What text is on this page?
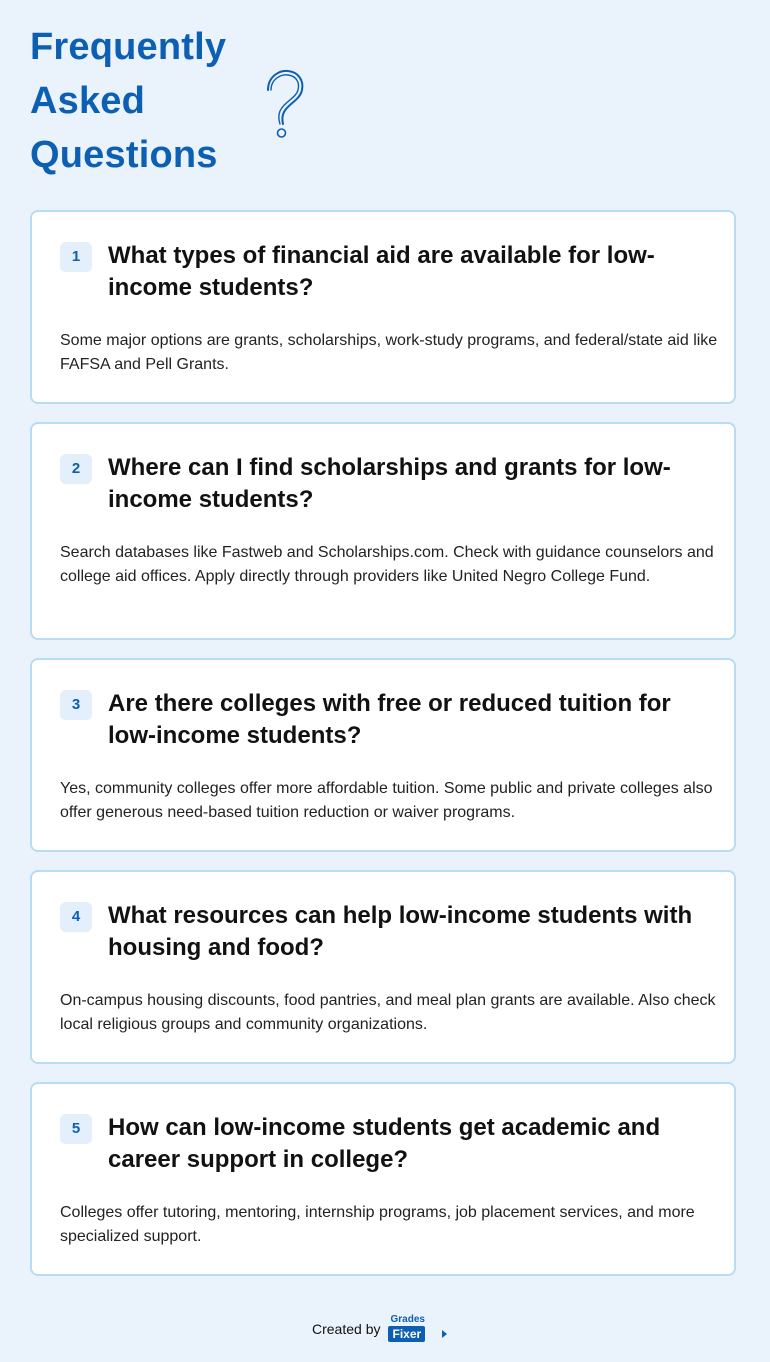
Frequently
Asked
Questions
1	What types of financial aid are available for low-income students?
Some major options are grants, scholarships, work-study programs, and federal/state aid like FAFSA and Pell Grants.
2	Where can I find scholarships and grants for low-income students?
Search databases like Fastweb and Scholarships.com. Check with guidance counselors and college aid offices. Apply directly through providers like United Negro College Fund.
3	Are there colleges with free or reduced tuition for low-income students?
Yes, community colleges offer more affordable tuition. Some public and private colleges also offer generous need-based tuition reduction or waiver programs.
4	What resources can help low-income students with housing and food?
On-campus housing discounts, food pantries, and meal plan grants are available. Also check local religious groups and community organizations.
5	How can low-income students get academic and career support in college?
Colleges offer tutoring, mentoring, internship programs, job placement services, and more specialized support.
Created by
Grades
Fixer
